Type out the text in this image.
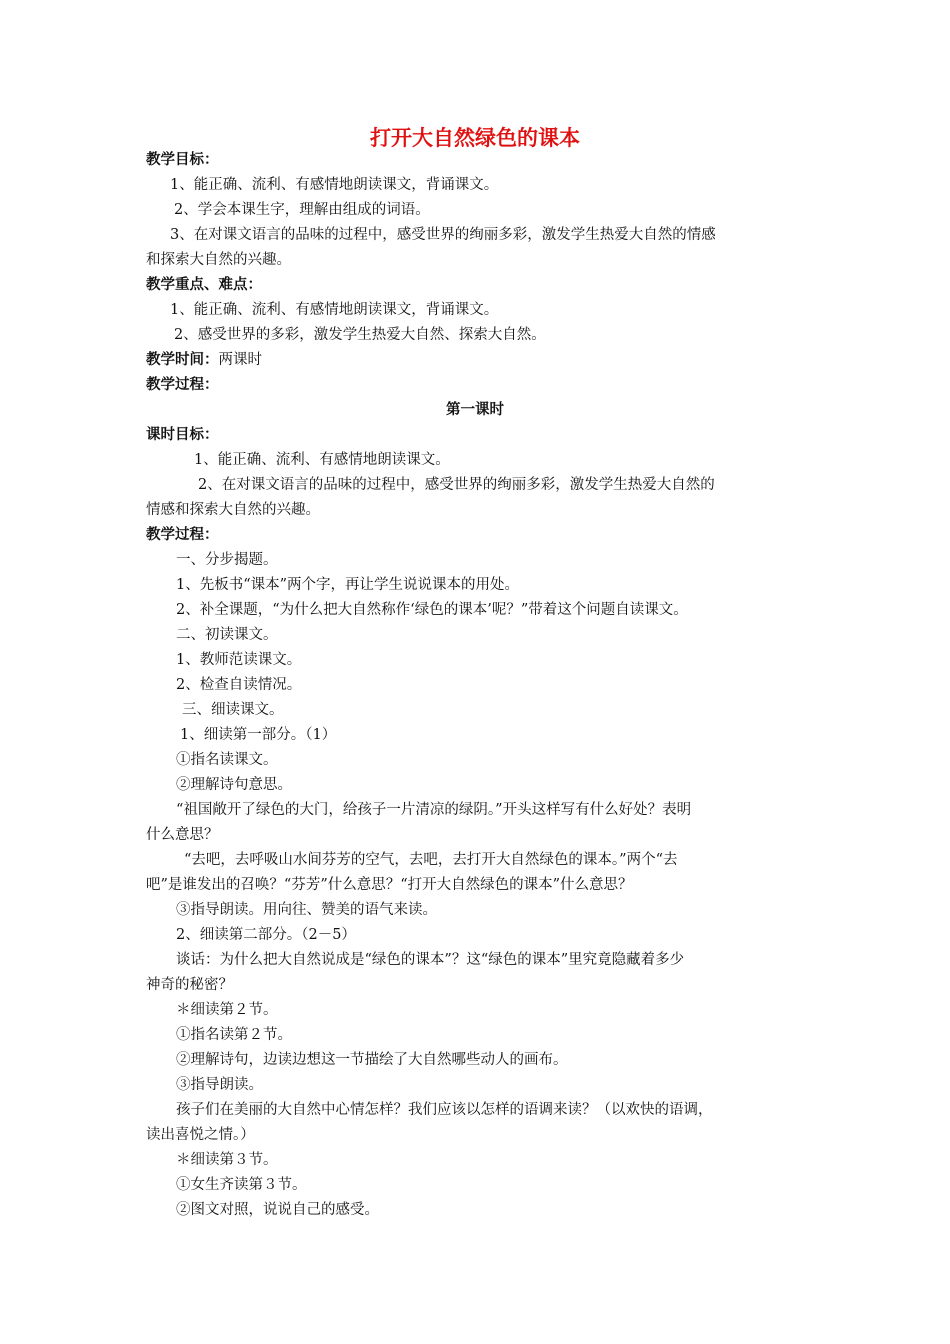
打开大自然绿色的课本
教学目标：
1、能正确、流利、有感情地朗读课文，背诵课文。
2、学会本课生字，理解由组成的词语。
3、在对课文语言的品味的过程中，感受世界的绚丽多彩，激发学生热爱大自然的情感
和探索大自然的兴趣。
教学重点、难点：
1、能正确、流利、有感情地朗读课文，背诵课文。
2、感受世界的多彩，激发学生热爱大自然、探索大自然。
教学时间：两课时
教学过程：
第一课时
课时目标：
1、能正确、流利、有感情地朗读课文。
2、在对课文语言的品味的过程中，感受世界的绚丽多彩，激发学生热爱大自然的
情感和探索大自然的兴趣。
教学过程：
一、分步揭题。
1、先板书“课本”两个字，再让学生说说课本的用处。
2、补全课题，“为什么把大自然称作‘绿色的课本’呢？”带着这个问题自读课文。
二、初读课文。
1、教师范读课文。
2、检查自读情况。
三、细读课文。
1、细读第一部分。（1）
①指名读课文。
②理解诗句意思。
“祖国敞开了绿色的大门，给孩子一片清凉的绿阴。”开头这样写有什么好处？表明
什么意思？
“去吧，去呼吸山水间芬芳的空气，去吧，去打开大自然绿色的课本。”两个“去
吧”是谁发出的召唤？“芬芳”什么意思？“打开大自然绿色的课本”什么意思？
③指导朗读。用向往、赞美的语气来读。
2、细读第二部分。（2－5）
谈话：为什么把大自然说成是“绿色的课本”？这“绿色的课本”里究竟隐藏着多少
神奇的秘密？
＊细读第２节。
①指名读第２节。
②理解诗句，边读边想这一节描绘了大自然哪些动人的画布。
③指导朗读。
孩子们在美丽的大自然中心情怎样？我们应该以怎样的语调来读？（以欢快的语调，
读出喜悦之情。）
＊细读第３节。
①女生齐读第３节。
②图文对照，说说自己的感受。
